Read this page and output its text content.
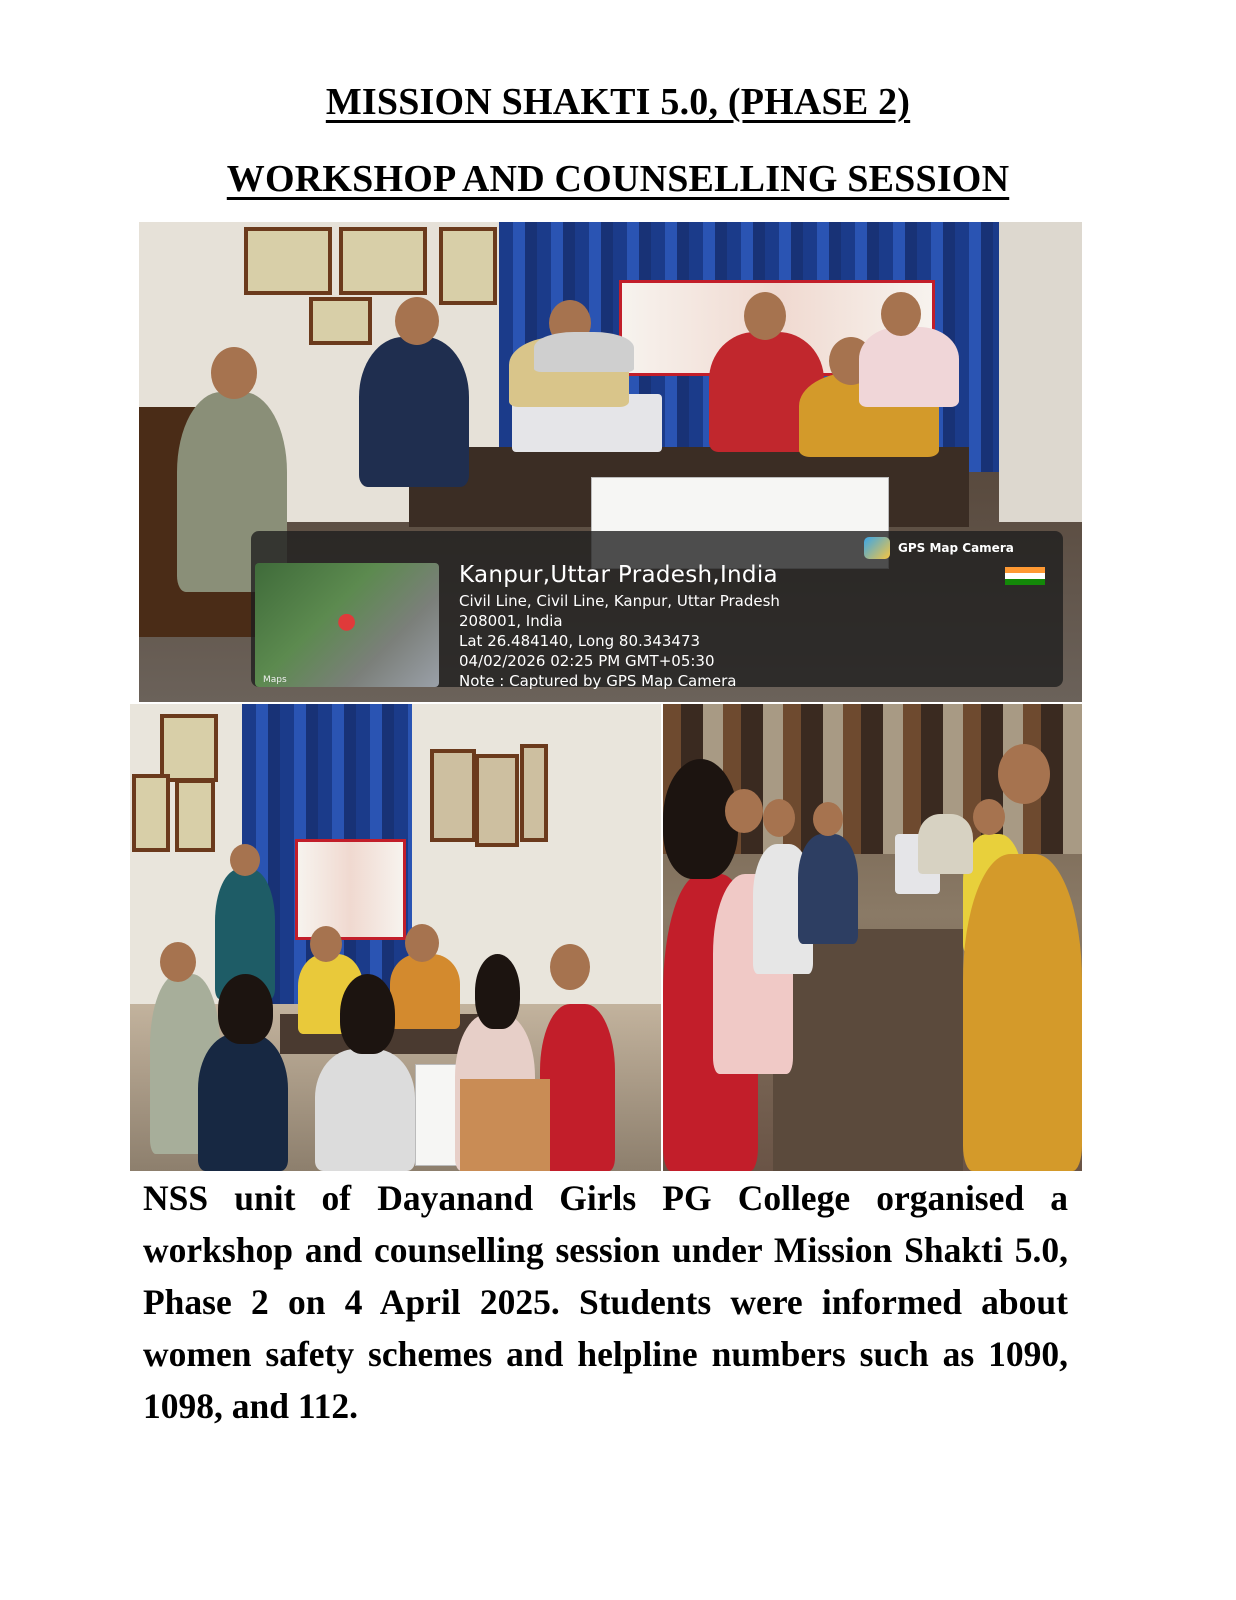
MISSION SHAKTI 5.0, (PHASE 2)
WORKSHOP AND COUNSELLING SESSION
●
Maps
GPS Map Camera
Kanpur,Uttar Pradesh,India
Civil Line, Civil Line, Kanpur, Uttar Pradesh
208001, India
Lat 26.484140, Long 80.343473
04/02/2026 02:25 PM GMT+05:30
Note : Captured by GPS Map Camera

NSS unit of Dayanand Girls PG College organised a workshop and counselling session under Mission Shakti 5.0, Phase 2 on 4 April 2025. Students were informed about women safety schemes and helpline numbers such as 1090, 1098, and 112.
